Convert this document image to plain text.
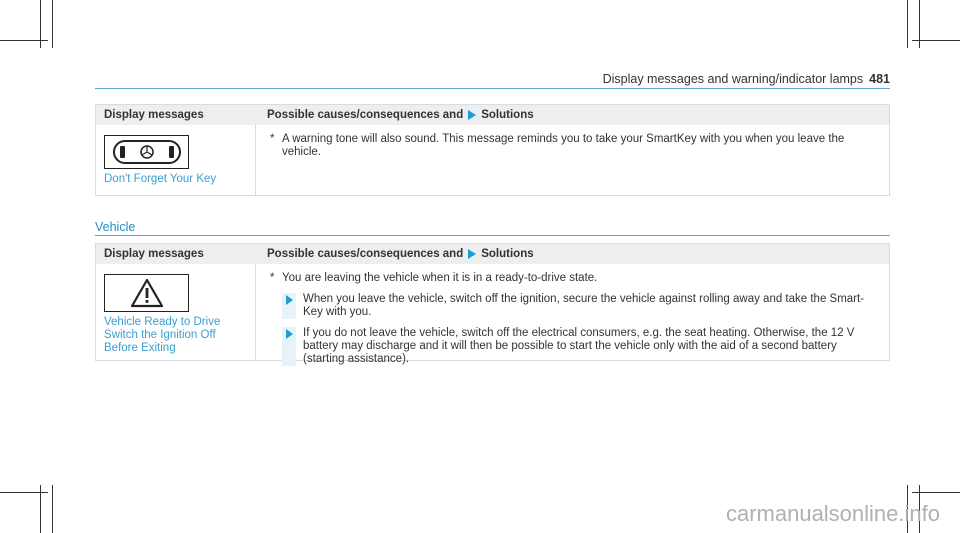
Display messages and warning/indicator lamps 481
Display messages	Possible causes/consequences and Solutions
Don't Forget Your Key
* A warning tone will also sound. This message reminds you to take your SmartKey with you when you leave the vehicle.
Vehicle
Display messages	Possible causes/consequences and Solutions
Vehicle Ready to Drive
Switch the Ignition Off
Before Exiting
* You are leaving the vehicle when it is in a ready-to-drive state.
When you leave the vehicle, switch off the ignition, secure the vehicle against rolling away and take the Smart-Key with you.
If you do not leave the vehicle, switch off the electrical consumers, e.g. the seat heating. Otherwise, the 12 V battery may discharge and it will then be possible to start the vehicle only with the aid of a second battery (starting assistance).
carmanualsonline.info
